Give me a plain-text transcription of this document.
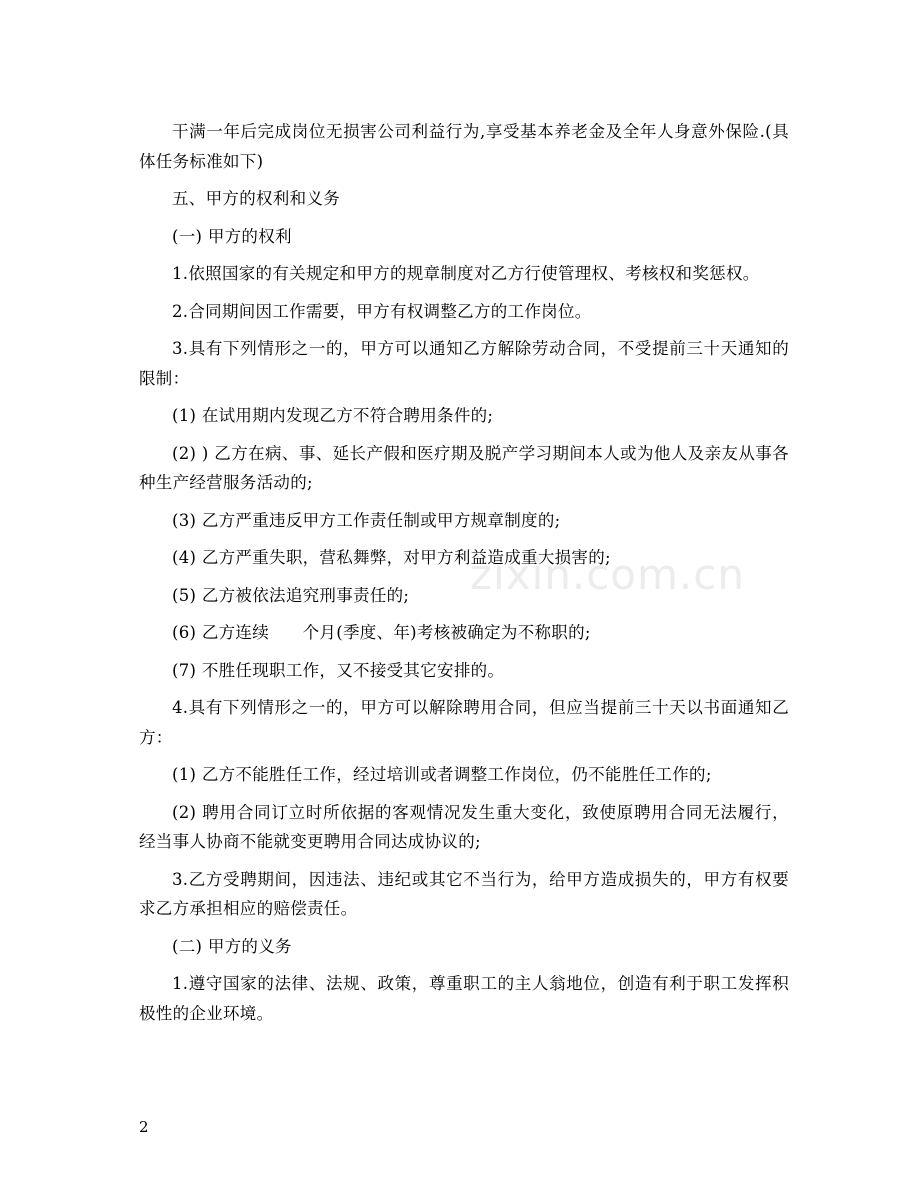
zixin.com.cn

干满一年后完成岗位无损害公司利益行为,享受基本养老金及全年人身意外保险.(具体任务标准如下)

五、甲方的权利和义务

(一) 甲方的权利

1.依照国家的有关规定和甲方的规章制度对乙方行使管理权、考核权和奖惩权。

2.合同期间因工作需要，甲方有权调整乙方的工作岗位。

3.具有下列情形之一的，甲方可以通知乙方解除劳动合同，不受提前三十天通知的限制：

(1) 在试用期内发现乙方不符合聘用条件的;

(2) ) 乙方在病、事、延长产假和医疗期及脱产学习期间本人或为他人及亲友从事各种生产经营服务活动的;

(3) 乙方严重违反甲方工作责任制或甲方规章制度的;

(4) 乙方严重失职，营私舞弊，对甲方利益造成重大损害的;

(5) 乙方被依法追究刑事责任的;

(6) 乙方连续　　个月(季度、年)考核被确定为不称职的;

(7) 不胜任现职工作，又不接受其它安排的。

4.具有下列情形之一的，甲方可以解除聘用合同，但应当提前三十天以书面通知乙方：

(1) 乙方不能胜任工作，经过培训或者调整工作岗位，仍不能胜任工作的;

(2) 聘用合同订立时所依据的客观情况发生重大变化，致使原聘用合同无法履行，经当事人协商不能就变更聘用合同达成协议的;

3.乙方受聘期间，因违法、违纪或其它不当行为，给甲方造成损失的，甲方有权要求乙方承担相应的赔偿责任。

(二) 甲方的义务

1.遵守国家的法律、法规、政策，尊重职工的主人翁地位，创造有利于职工发挥积极性的企业环境。

2
